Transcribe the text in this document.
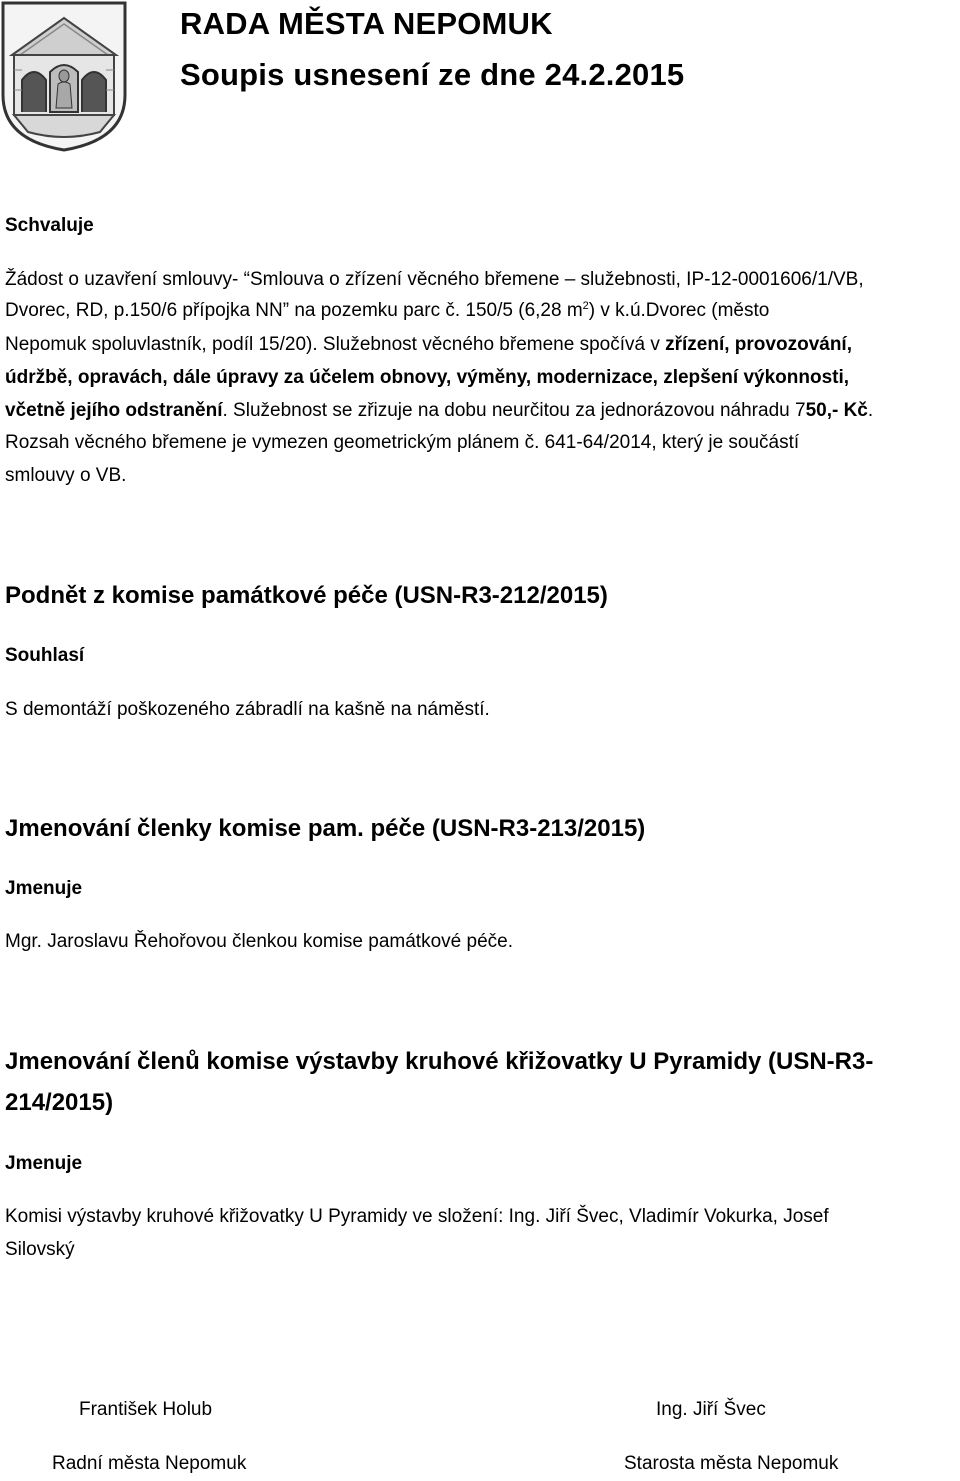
RADA MĚSTA NEPOMUK
Soupis usnesení ze dne 24.2.2015
Schvaluje
Žádost o uzavření smlouvy- “Smlouva o zřízení věcného břemene – služebnosti, IP-12-0001606/1/VB,
Dvorec, RD, p.150/6 přípojka NN” na pozemku parc č. 150/5 (6,28 $m^2$) v k.ú.Dvorec (město
Nepomuk spoluvlastník, podíl 15/20). Služebnost věcného břemene spočívá v zřízení, provozování,
údržbě, opravách, dále úpravy za účelem obnovy, výměny, modernizace, zlepšení výkonnosti,
včetně jejího odstranění. Služebnost se zřizuje na dobu neurčitou za jednorázovou náhradu 750,- Kč.
Rozsah věcného břemene je vymezen geometrickým plánem č. 641-64/2014, který je součástí
smlouvy o VB.
Podnět z komise památkové péče (USN-R3-212/2015)
Souhlasí
S demontáží poškozeného zábradlí na kašně na náměstí.
Jmenování členky komise pam. péče (USN-R3-213/2015)
Jmenuje
Mgr. Jaroslavu Řehořovou členkou komise památkové péče.
Jmenování členů komise výstavby kruhové křižovatky U Pyramidy (USN-R3-
214/2015)
Jmenuje
Komisi výstavby kruhové křižovatky U Pyramidy ve složení: Ing. Jiří Švec, Vladimír Vokurka, Josef
Silovský
František Holub
Radní města Nepomuk
Ing. Jiří Švec
Starosta města Nepomuk
